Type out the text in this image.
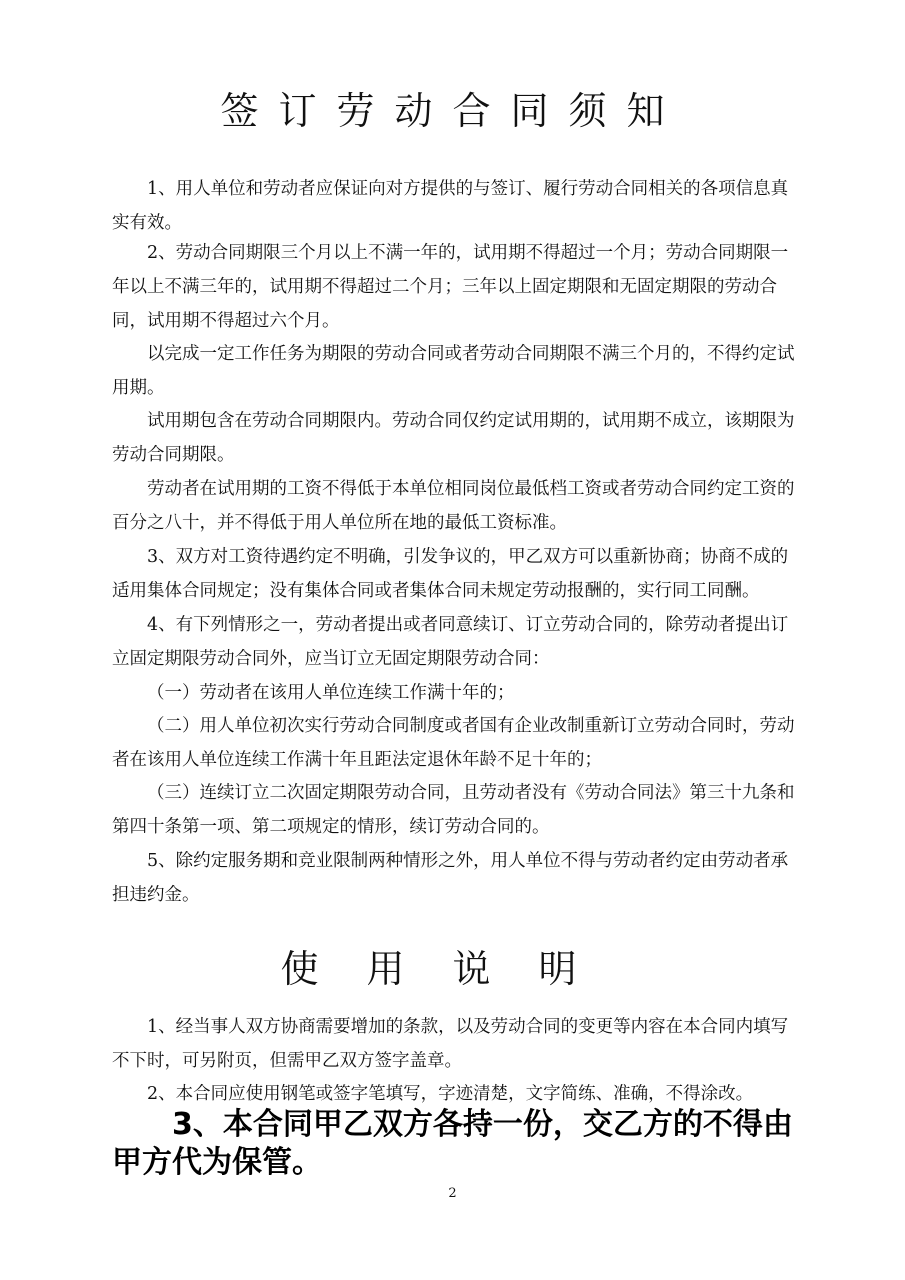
签订劳动合同须知

1、用人单位和劳动者应保证向对方提供的与签订、履行劳动合同相关的各项信息真实有效。

2、劳动合同期限三个月以上不满一年的，试用期不得超过一个月；劳动合同期限一年以上不满三年的，试用期不得超过二个月；三年以上固定期限和无固定期限的劳动合同，试用期不得超过六个月。

以完成一定工作任务为期限的劳动合同或者劳动合同期限不满三个月的，不得约定试用期。

试用期包含在劳动合同期限内。劳动合同仅约定试用期的，试用期不成立，该期限为劳动合同期限。

劳动者在试用期的工资不得低于本单位相同岗位最低档工资或者劳动合同约定工资的百分之八十，并不得低于用人单位所在地的最低工资标准。

3、双方对工资待遇约定不明确，引发争议的，甲乙双方可以重新协商；协商不成的适用集体合同规定；没有集体合同或者集体合同未规定劳动报酬的，实行同工同酬。

4、有下列情形之一，劳动者提出或者同意续订、订立劳动合同的，除劳动者提出订立固定期限劳动合同外，应当订立无固定期限劳动合同：

（一）劳动者在该用人单位连续工作满十年的；

（二）用人单位初次实行劳动合同制度或者国有企业改制重新订立劳动合同时，劳动者在该用人单位连续工作满十年且距法定退休年龄不足十年的；

（三）连续订立二次固定期限劳动合同，且劳动者没有《劳动合同法》第三十九条和第四十条第一项、第二项规定的情形，续订劳动合同的。

5、除约定服务期和竞业限制两种情形之外，用人单位不得与劳动者约定由劳动者承担违约金。

使用说明

1、经当事人双方协商需要增加的条款，以及劳动合同的变更等内容在本合同内填写不下时，可另附页，但需甲乙双方签字盖章。

2、本合同应使用钢笔或签字笔填写，字迹清楚，文字简练、准确，不得涂改。

3、本合同甲乙双方各持一份，交乙方的不得由甲方代为保管。

2
